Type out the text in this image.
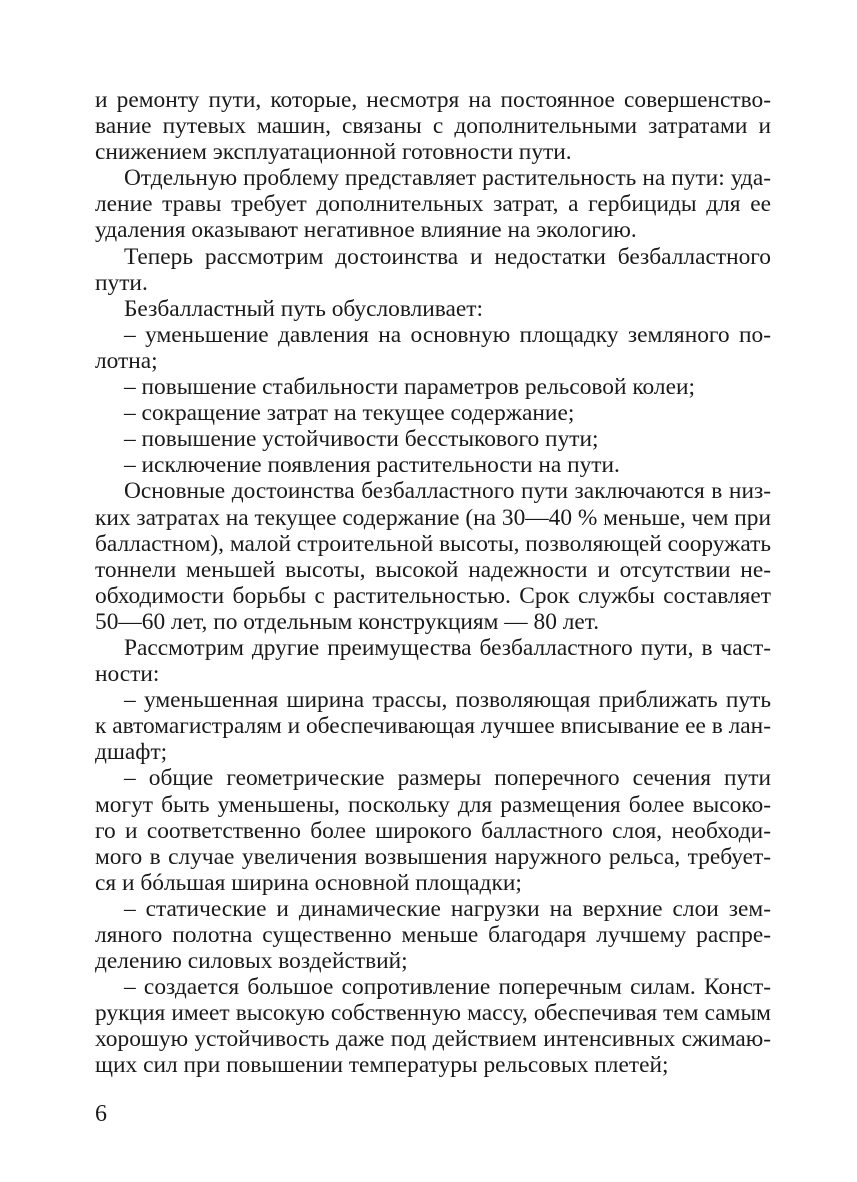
и ремонту пути, которые, несмотря на постоянное совершенство-
вание путевых машин, связаны с дополнительными затратами и
снижением эксплуатационной готовности пути.
Отдельную проблему представляет растительность на пути: уда-
ление травы требует дополнительных затрат, а гербициды для ее
удаления оказывают негативное влияние на экологию.
Теперь рассмотрим достоинства и недостатки безбалластного
пути.
Безбалластный путь обусловливает:
– уменьшение давления на основную площадку земляного по-
лотна;
– повышение стабильности параметров рельсовой колеи;
– сокращение затрат на текущее содержание;
– повышение устойчивости бесстыкового пути;
– исключение появления растительности на пути.
Основные достоинства безбалластного пути заключаются в низ-
ких затратах на текущее содержание (на 30—40 % меньше, чем при
балластном), малой строительной высоты, позволяющей сооружать
тоннели меньшей высоты, высокой надежности и отсутствии не-
обходимости борьбы с растительностью. Срок службы составляет
50—60 лет, по отдельным конструкциям — 80 лет.
Рассмотрим другие преимущества безбалластного пути, в част-
ности:
– уменьшенная ширина трассы, позволяющая приближать путь
к автомагистралям и обеспечивающая лучшее вписывание ее в лан-
дшафт;
– общие геометрические размеры поперечного сечения пути
могут быть уменьшены, поскольку для размещения более высоко-
го и соответственно более широкого балластного слоя, необходи-
мого в случае увеличения возвышения наружного рельса, требует-
ся и бóльшая ширина основной площадки;
– статические и динамические нагрузки на верхние слои зем-
ляного полотна существенно меньше благодаря лучшему распре-
делению силовых воздействий;
– создается большое сопротивление поперечным силам. Конст-
рукция имеет высокую собственную массу, обеспечивая тем самым
хорошую устойчивость даже под действием интенсивных сжимаю-
щих сил при повышении температуры рельсовых плетей;
6
